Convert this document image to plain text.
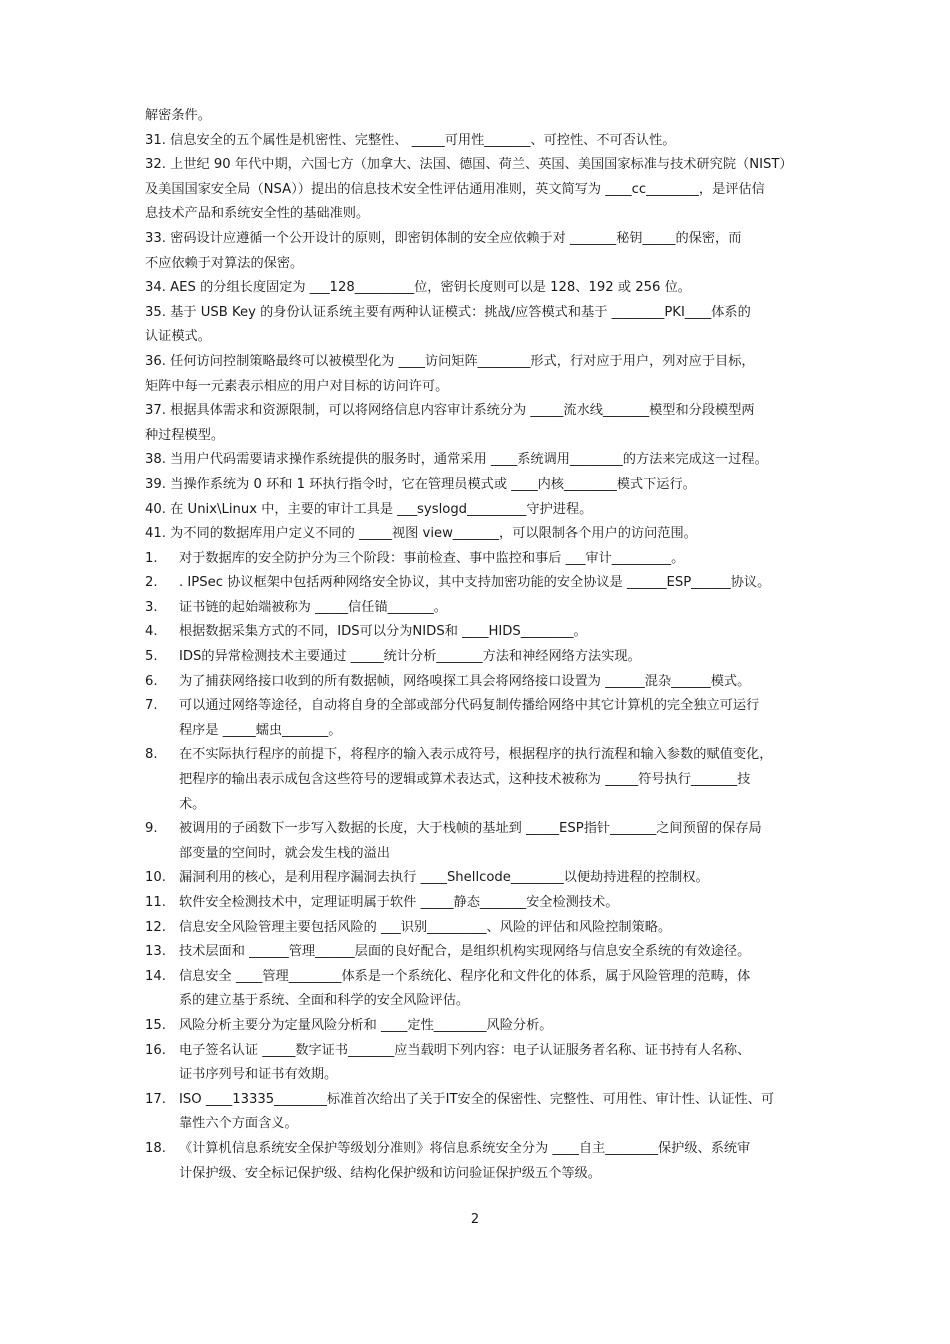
解密条件。

31. 信息安全的五个属性是机密性、完整性、 _____可用性_______、可控性、不可否认性。

32. 上世纪 90 年代中期，六国七方（加拿大、法国、德国、荷兰、英国、美国国家标准与技术研究院（NIST）

及美国国家安全局（NSA））提出的信息技术安全性评估通用准则，英文简写为 ____cc________，是评估信

息技术产品和系统安全性的基础准则。

33. 密码设计应遵循一个公开设计的原则，即密钥体制的安全应依赖于对 _______秘钥_____的保密，而

不应依赖于对算法的保密。

34. AES 的分组长度固定为 ___128_________位，密钥长度则可以是 128、192 或 256 位。

35. 基于 USB Key 的身份认证系统主要有两种认证模式：挑战/应答模式和基于 ________PKI____体系的

认证模式。

36. 任何访问控制策略最终可以被模型化为 ____访问矩阵________形式，行对应于用户，列对应于目标，

矩阵中每一元素表示相应的用户对目标的访问许可。

37. 根据具体需求和资源限制，可以将网络信息内容审计系统分为 _____流水线_______模型和分段模型两

种过程模型。

38. 当用户代码需要请求操作系统提供的服务时，通常采用 ____系统调用________的方法来完成这一过程。

39. 当操作系统为 0 环和 1 环执行指令时，它在管理员模式或 ____内核________模式下运行。

40. 在 Unix\Linux 中，主要的审计工具是 ___syslogd_________守护进程。

41. 为不同的数据库用户定义不同的 _____视图 view_______，可以限制各个用户的访问范围。

1. 对于数据库的安全防护分为三个阶段：事前检查、事中监控和事后 ___审计_________。

2. . IPSec 协议框架中包括两种网络安全协议，其中支持加密功能的安全协议是 ______ESP______协议。

3. 证书链的起始端被称为 _____信任锚_______。

4. 根据数据采集方式的不同，IDS可以分为NIDS和 ____HIDS________。

5. IDS的异常检测技术主要通过 _____统计分析_______方法和神经网络方法实现。

6. 为了捕获网络接口收到的所有数据帧，网络嗅探工具会将网络接口设置为 ______混杂______模式。

7. 可以通过网络等途径，自动将自身的全部或部分代码复制传播给网络中其它计算机的完全独立可运行

程序是 _____蠕虫_______。

8. 在不实际执行程序的前提下，将程序的输入表示成符号，根据程序的执行流程和输入参数的赋值变化，

把程序的输出表示成包含这些符号的逻辑或算术表达式，这种技术被称为 _____符号执行_______技

术。

9. 被调用的子函数下一步写入数据的长度，大于栈帧的基址到 _____ESP指针_______之间预留的保存局

部变量的空间时，就会发生栈的溢出

10. 漏洞利用的核心，是利用程序漏洞去执行 ____Shellcode________以便劫持进程的控制权。

11. 软件安全检测技术中，定理证明属于软件 _____静态_______安全检测技术。

12. 信息安全风险管理主要包括风险的 ___识别_________、风险的评估和风险控制策略。

13. 技术层面和 ______管理______层面的良好配合，是组织机构实现网络与信息安全系统的有效途径。

14. 信息安全 ____管理________体系是一个系统化、程序化和文件化的体系，属于风险管理的范畴，体

系的建立基于系统、全面和科学的安全风险评估。

15. 风险分析主要分为定量风险分析和 ____定性________风险分析。

16. 电子签名认证 _____数字证书_______应当载明下列内容：电子认证服务者名称、证书持有人名称、

证书序列号和证书有效期。

17. ISO ____13335________标准首次给出了关于IT安全的保密性、完整性、可用性、审计性、认证性、可

靠性六个方面含义。

18. 《计算机信息系统安全保护等级划分准则》将信息系统安全分为 ____自主________保护级、系统审

计保护级、安全标记保护级、结构化保护级和访问验证保护级五个等级。

2
